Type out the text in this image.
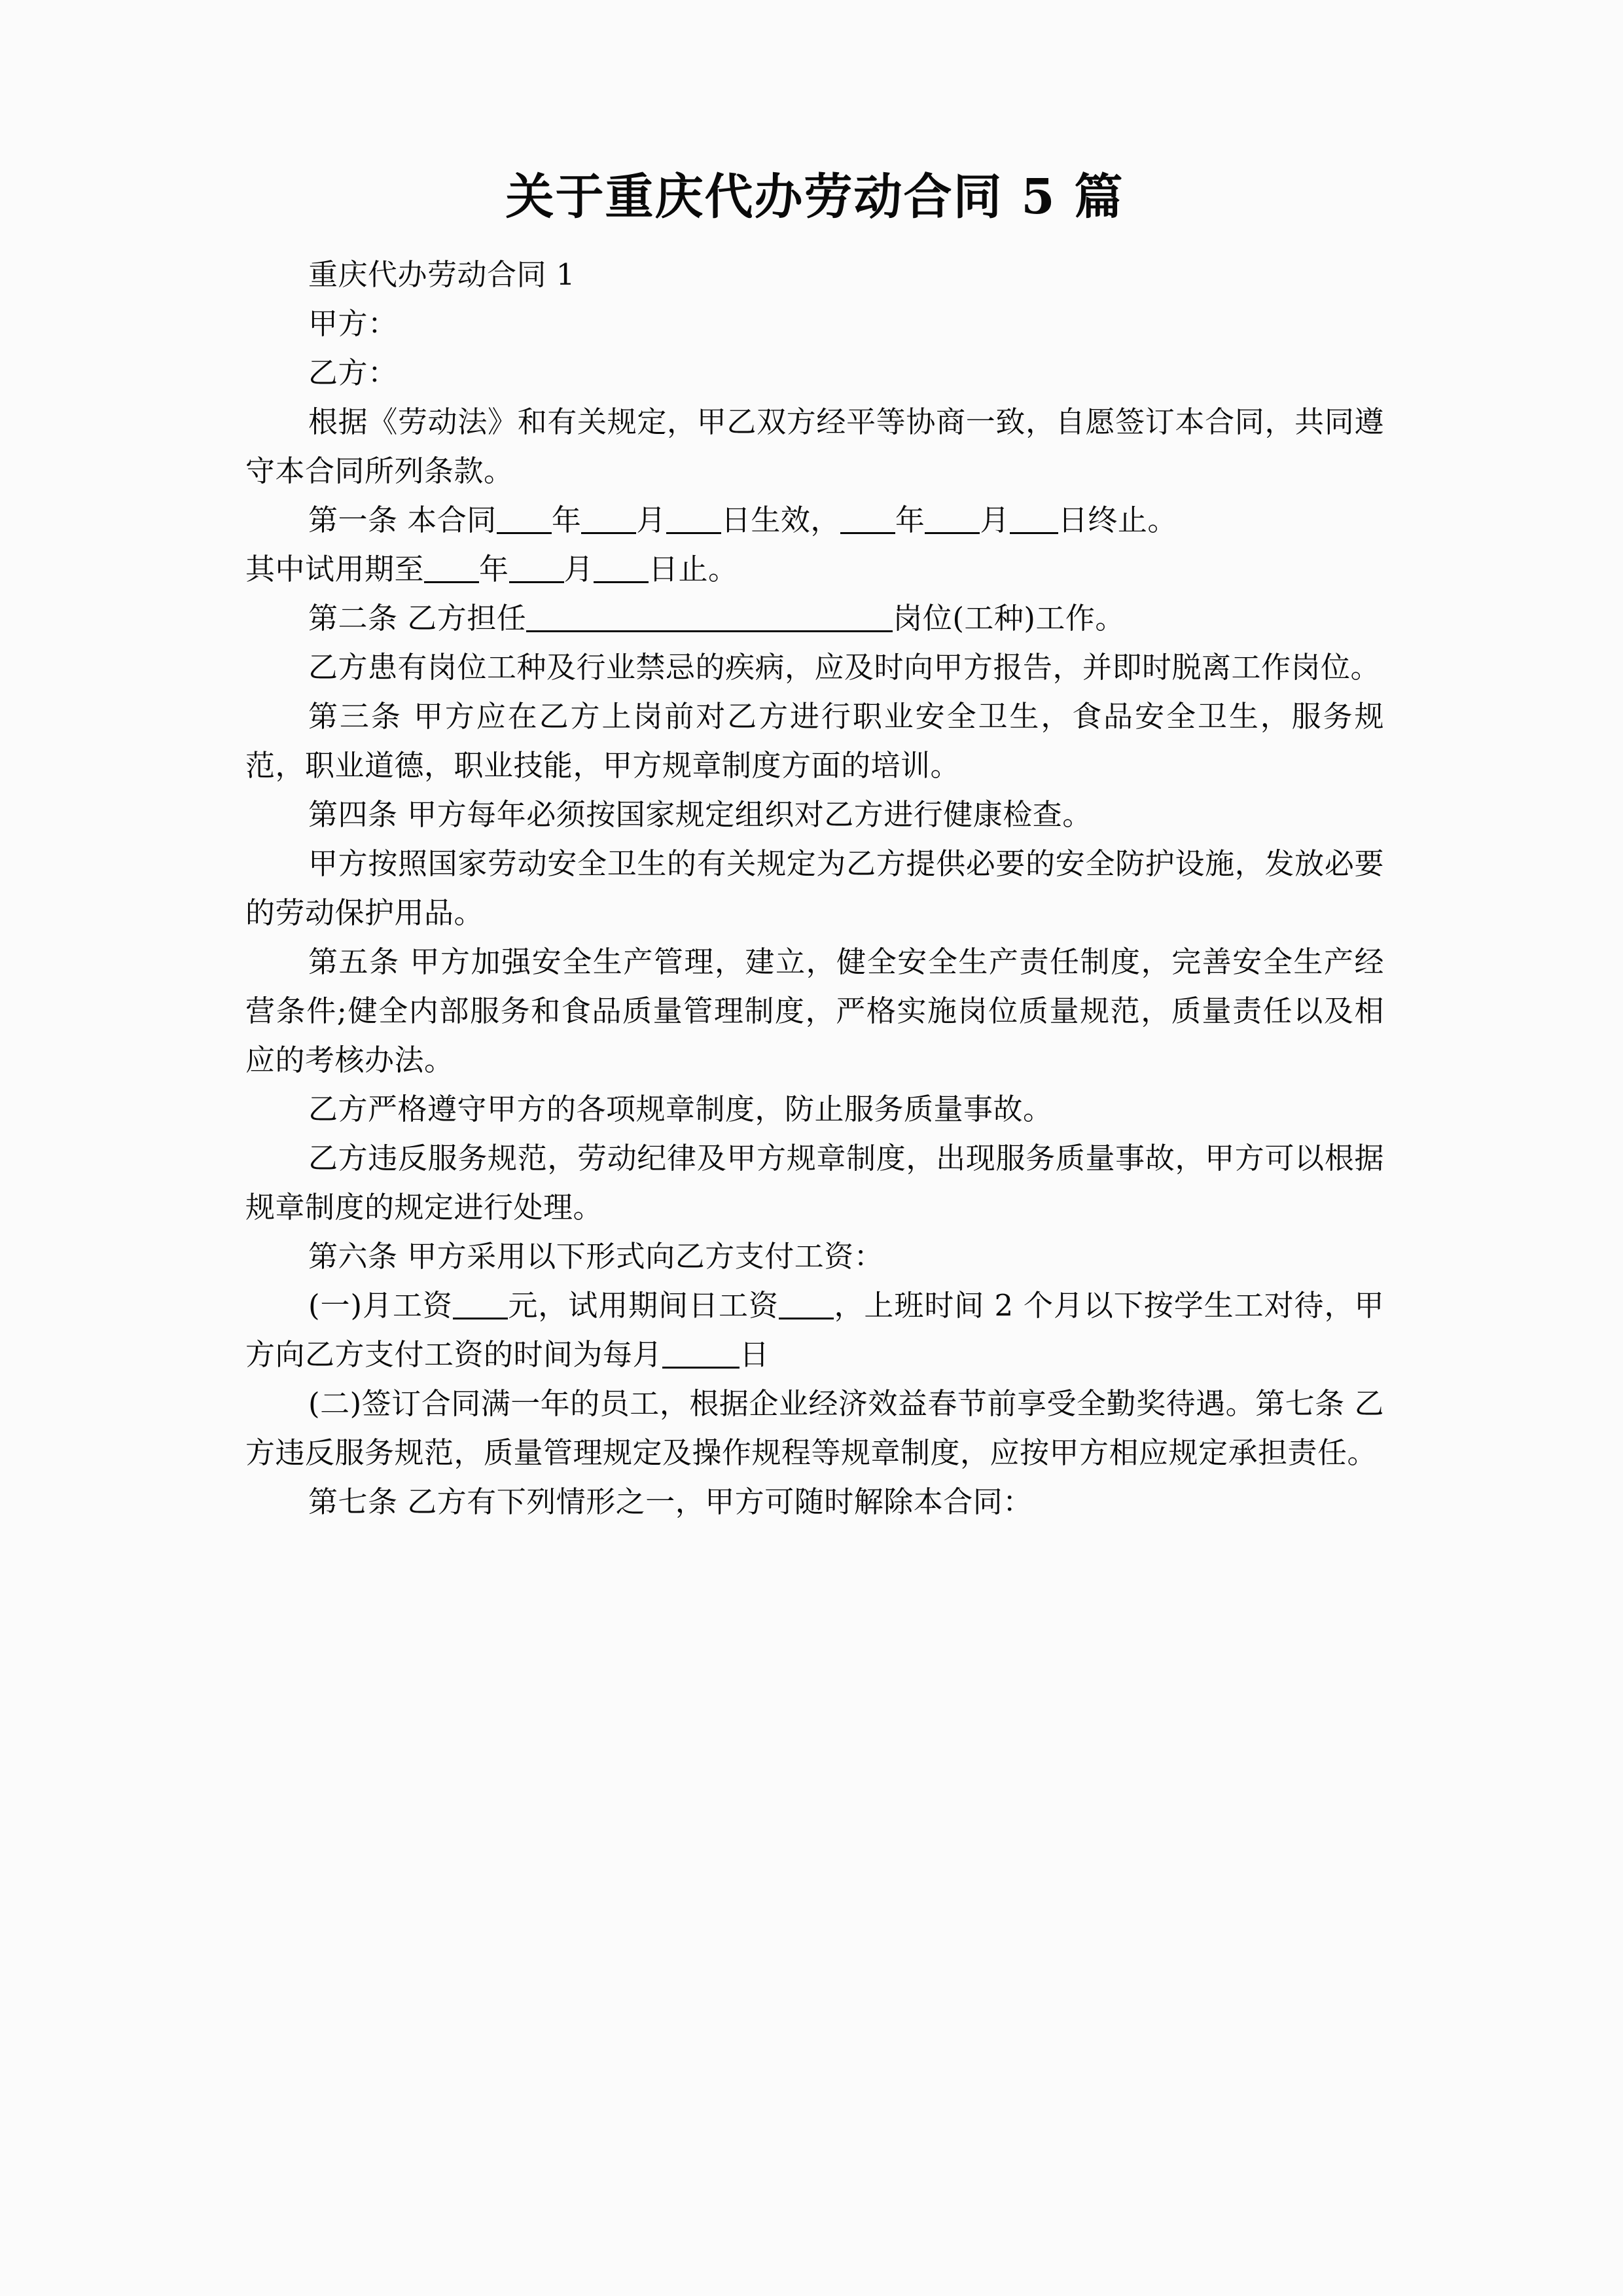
关于重庆代办劳动合同 5 篇

重庆代办劳动合同 1

甲方：

乙方：

根据《劳动法》和有关规定，甲乙双方经平等协商一致，自愿签订本合同，共同遵守本合同所列条款。

第一条 本合同 年 月 日生效， 年 月 日终止。

其中试用期至 年 月 日止。

第二条 乙方担任	岗位(工种)工作。

乙方患有岗位工种及行业禁忌的疾病，应及时向甲方报告，并即时脱离工作岗位。

第三条 甲方应在乙方上岗前对乙方进行职业安全卫生，食品安全卫生，服务规范，职业道德，职业技能，甲方规章制度方面的培训。

第四条 甲方每年必须按国家规定组织对乙方进行健康检查。

甲方按照国家劳动安全卫生的有关规定为乙方提供必要的安全防护设施，发放必要的劳动保护用品。

第五条 甲方加强安全生产管理，建立，健全安全生产责任制度，完善安全生产经营条件;健全内部服务和食品质量管理制度，严格实施岗位质量规范，质量责任以及相应的考核办法。

乙方严格遵守甲方的各项规章制度，防止服务质量事故。

乙方违反服务规范，劳动纪律及甲方规章制度，出现服务质量事故，甲方可以根据规章制度的规定进行处理。

第六条 甲方采用以下形式向乙方支付工资：

(一)月工资 元，试用期间日工资 ，上班时间 2 个月以下按学生工对待，甲方向乙方支付工资的时间为每月	日

(二)签订合同满一年的员工，根据企业经济效益春节前享受全勤奖待遇。第七条 乙方违反服务规范，质量管理规定及操作规程等规章制度，应按甲方相应规定承担责任。

第七条 乙方有下列情形之一，甲方可随时解除本合同：
